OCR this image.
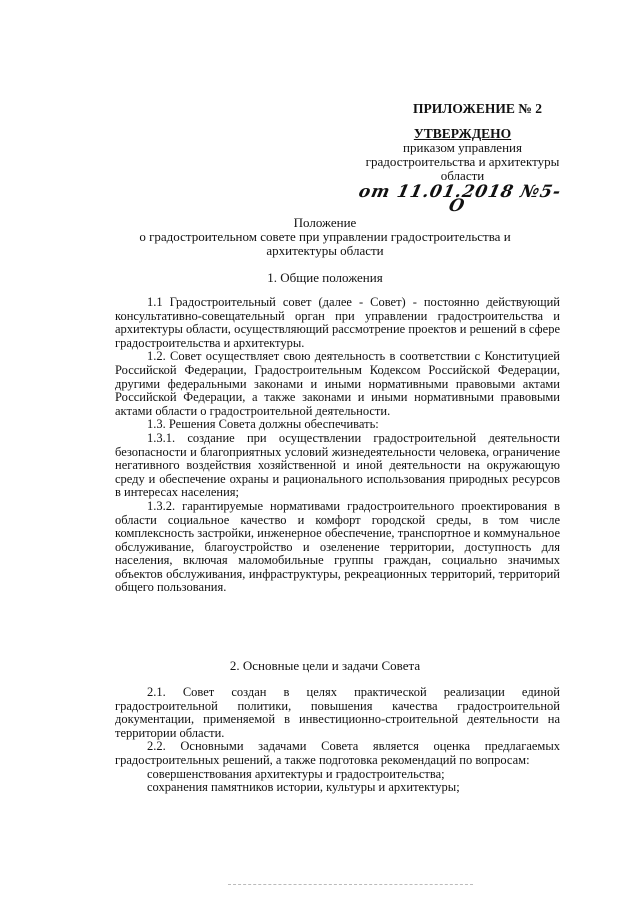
ПРИЛОЖЕНИЕ № 2
УТВЕРЖДЕНО
приказом управления
градостроительства и архитектуры
области
от 11.01.2018 №5-О
Положение
о градостроительном совете при управлении градостроительства и
архитектуры области
1. Общие положения

1.1 Градостроительный совет (далее - Совет) - постоянно действующий консультативно-совещательный орган при управлении градостроительства и архитектуры области, осуществляющий рассмотрение проектов и решений в сфере градостроительства и архитектуры.

1.2. Совет осуществляет свою деятельность в соответствии с Конституцией Российской Федерации, Градостроительным Кодексом Российской Федерации, другими федеральными законами и иными нормативными правовыми актами Российской Федерации, а также законами и иными нормативными правовыми актами области о градостроительной деятельности.

1.3. Решения Совета должны обеспечивать:

1.3.1. создание при осуществлении градостроительной деятельности безопасности и благоприятных условий жизнедеятельности человека, ограничение негативного воздействия хозяйственной и иной деятельности на окружающую среду и обеспечение охраны и рационального использования природных ресурсов в интересах населения;

1.3.2. гарантируемые нормативами градостроительного проектирования в области социальное качество и комфорт городской среды, в том числе комплексность застройки, инженерное обеспечение, транспортное и коммунальное обслуживание, благоустройство и озеленение территории, доступность для населения, включая маломобильные группы граждан, социально значимых объектов обслуживания, инфраструктуры, рекреационных территорий, территорий общего пользования.

2. Основные цели и задачи Совета

2.1. Совет создан в целях практической реализации единой градостроительной политики, повышения качества градостроительной документации, применяемой в инвестиционно-строительной деятельности на территории области.

2.2. Основными задачами Совета является оценка предлагаемых градостроительных решений, а также подготовка рекомендаций по вопросам:

совершенствования архитектуры и градостроительства;

сохранения памятников истории, культуры и архитектуры;
